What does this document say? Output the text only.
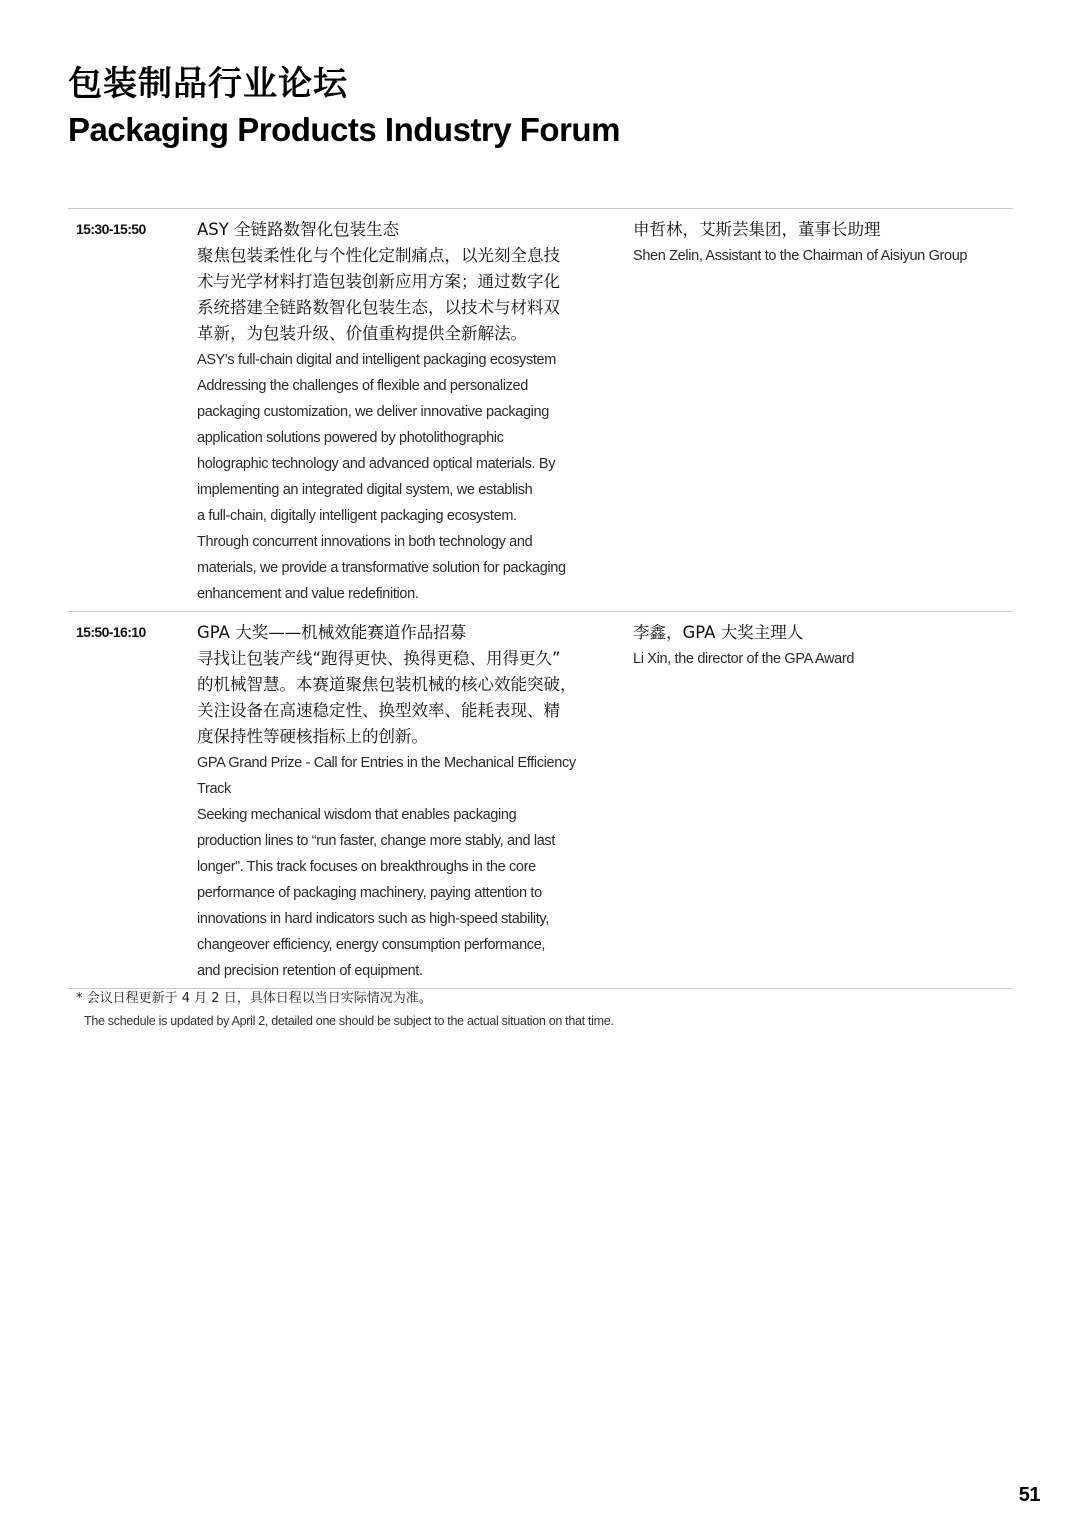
包装制品行业论坛
Packaging Products Industry Forum
15:30-15:50	ASY 全链路数智化包装生态
聚焦包装柔性化与个性化定制痛点，以光刻全息技
术与光学材料打造包装创新应用方案；通过数字化
系统搭建全链路数智化包装生态，以技术与材料双
革新，为包装升级、价值重构提供全新解法。
ASY's full-chain digital and intelligent packaging ecosystem
Addressing the challenges of flexible and personalized
packaging customization, we deliver innovative packaging
application solutions powered by photolithographic
holographic technology and advanced optical materials. By
implementing an integrated digital system, we establish
a full-chain, digitally intelligent packaging ecosystem.
Through concurrent innovations in both technology and
materials, we provide a transformative solution for packaging
enhancement and value redefinition.
申哲林，艾斯芸集团，董事长助理
Shen Zelin, Assistant to the Chairman of Aisiyun Group
15:50-16:10	GPA 大奖——机械效能赛道作品招募
寻找让包装产线“跑得更快、换得更稳、用得更久”
的机械智慧。本赛道聚焦包装机械的核心效能突破，
关注设备在高速稳定性、换型效率、能耗表现、精
度保持性等硬核指标上的创新。
GPA Grand Prize - Call for Entries in the Mechanical Efficiency
Track
Seeking mechanical wisdom that enables packaging
production lines to “run faster, change more stably, and last
longer”. This track focuses on breakthroughs in the core
performance of packaging machinery, paying attention to
innovations in hard indicators such as high-speed stability,
changeover efficiency, energy consumption performance,
and precision retention of equipment.
李鑫，GPA 大奖主理人
Li Xin, the director of the GPA Award
* 会议日程更新于 4 月 2 日，具体日程以当日实际情况为准。
The schedule is updated by April 2, detailed one should be subject to the actual situation on that time.
51
